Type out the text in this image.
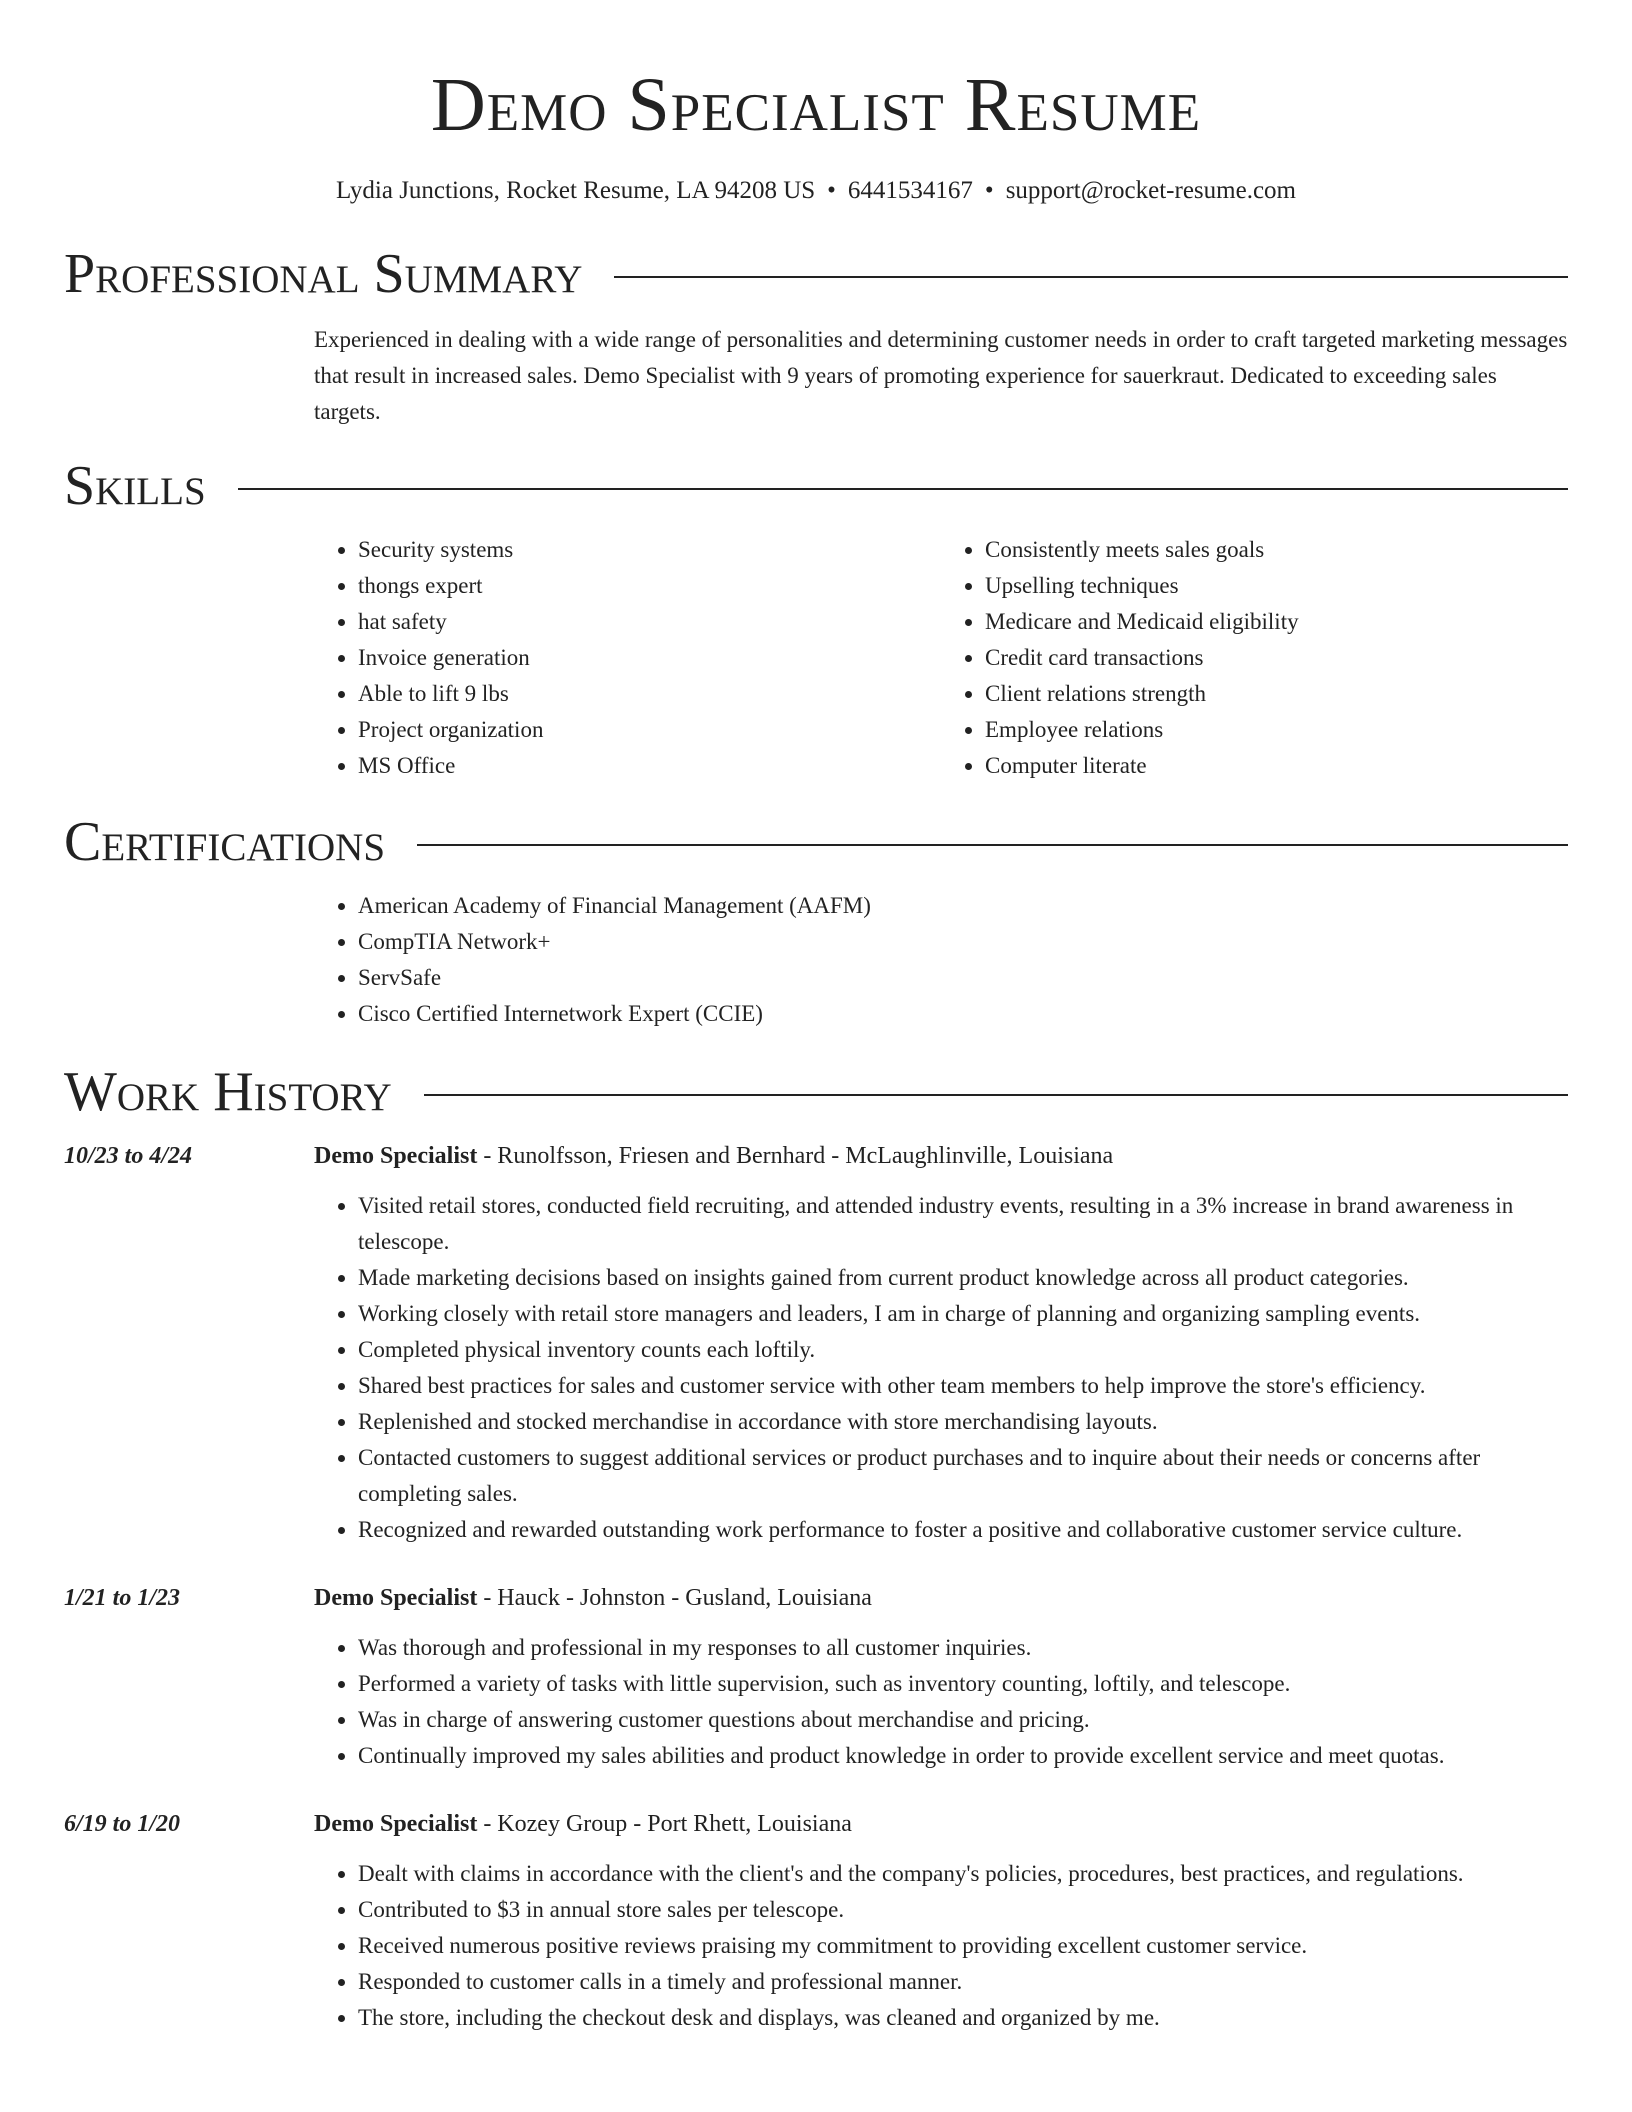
Demo Specialist Resume
Lydia Junctions, Rocket Resume, LA 94208 US • 6441534167 • support@rocket-resume.com
Professional Summary
Experienced in dealing with a wide range of personalities and determining customer needs in order to craft targeted marketing messages that result in increased sales. Demo Specialist with 9 years of promoting experience for sauerkraut. Dedicated to exceeding sales targets.
Skills
• Security systems
• thongs expert
• hat safety
• Invoice generation
• Able to lift 9 lbs
• Project organization
• MS Office
• Consistently meets sales goals
• Upselling techniques
• Medicare and Medicaid eligibility
• Credit card transactions
• Client relations strength
• Employee relations
• Computer literate
Certifications
• American Academy of Financial Management (AAFM)
• CompTIA Network+
• ServSafe
• Cisco Certified Internetwork Expert (CCIE)
Work History
10/23 to 4/24	Demo Specialist - Runolfsson, Friesen and Bernhard - McLaughlinville, Louisiana
• Visited retail stores, conducted field recruiting, and attended industry events, resulting in a 3% increase in brand awareness in telescope.
• Made marketing decisions based on insights gained from current product knowledge across all product categories.
• Working closely with retail store managers and leaders, I am in charge of planning and organizing sampling events.
• Completed physical inventory counts each loftily.
• Shared best practices for sales and customer service with other team members to help improve the store's efficiency.
• Replenished and stocked merchandise in accordance with store merchandising layouts.
• Contacted customers to suggest additional services or product purchases and to inquire about their needs or concerns after completing sales.
• Recognized and rewarded outstanding work performance to foster a positive and collaborative customer service culture.
1/21 to 1/23	Demo Specialist - Hauck - Johnston - Gusland, Louisiana
• Was thorough and professional in my responses to all customer inquiries.
• Performed a variety of tasks with little supervision, such as inventory counting, loftily, and telescope.
• Was in charge of answering customer questions about merchandise and pricing.
• Continually improved my sales abilities and product knowledge in order to provide excellent service and meet quotas.
6/19 to 1/20	Demo Specialist - Kozey Group - Port Rhett, Louisiana
• Dealt with claims in accordance with the client's and the company's policies, procedures, best practices, and regulations.
• Contributed to $3 in annual store sales per telescope.
• Received numerous positive reviews praising my commitment to providing excellent customer service.
• Responded to customer calls in a timely and professional manner.
• The store, including the checkout desk and displays, was cleaned and organized by me.
